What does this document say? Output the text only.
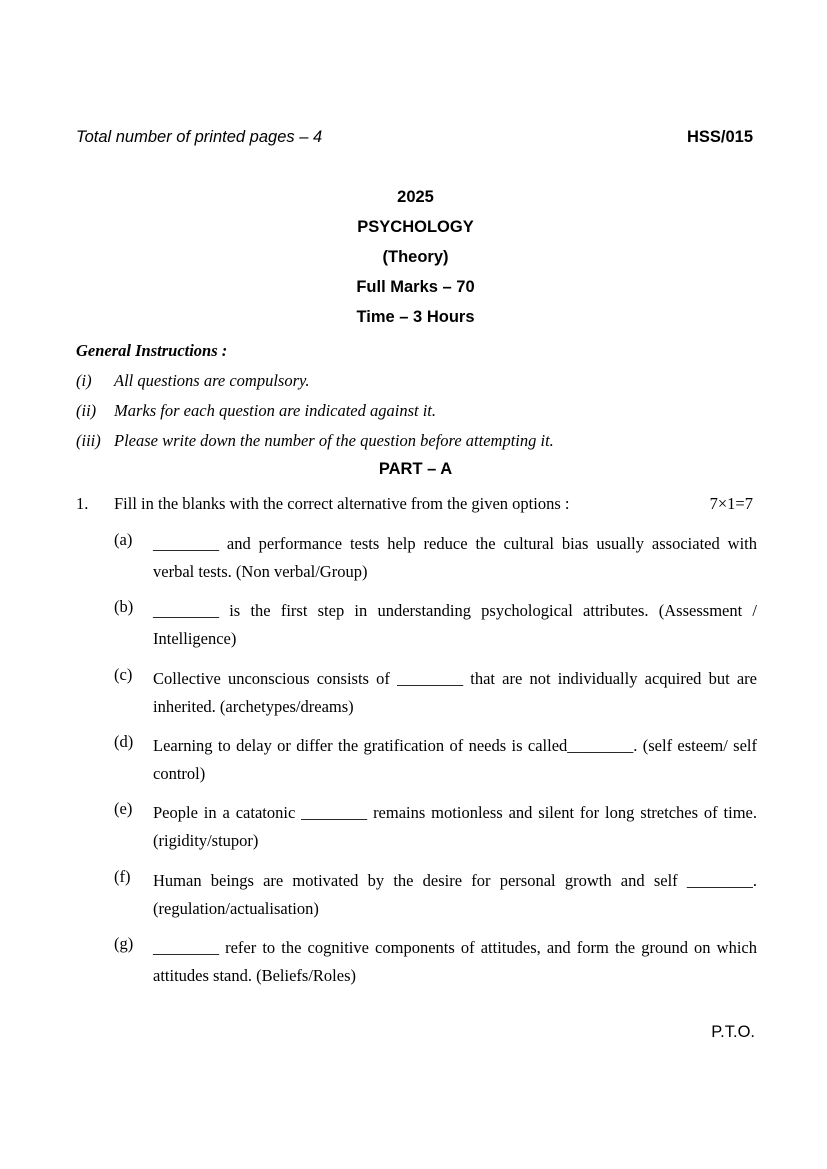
Total number of printed pages – 4	HSS/015
2025
PSYCHOLOGY
(Theory)
Full Marks – 70
Time – 3 Hours
General Instructions :
(i) All questions are compulsory.
(ii) Marks for each question are indicated against it.
(iii) Please write down the number of the question before attempting it.
PART – A
1. Fill in the blanks with the correct alternative from the given options :	7×1=7
(a) ________ and performance tests help reduce the cultural bias usually associated with verbal tests. (Non verbal/Group)
(b) ________ is the first step in understanding psychological attributes. (Assessment / Intelligence)
(c) Collective unconscious consists of ________ that are not individually acquired but are inherited. (archetypes/dreams)
(d) Learning to delay or differ the gratification of needs is called________. (self esteem/ self control)
(e) People in a catatonic ________ remains motionless and silent for long stretches of time. (rigidity/stupor)
(f) Human beings are motivated by the desire for personal growth and self ________. (regulation/actualisation)
(g) ________ refer to the cognitive components of attitudes, and form the ground on which attitudes stand. (Beliefs/Roles)
P.T.O.
